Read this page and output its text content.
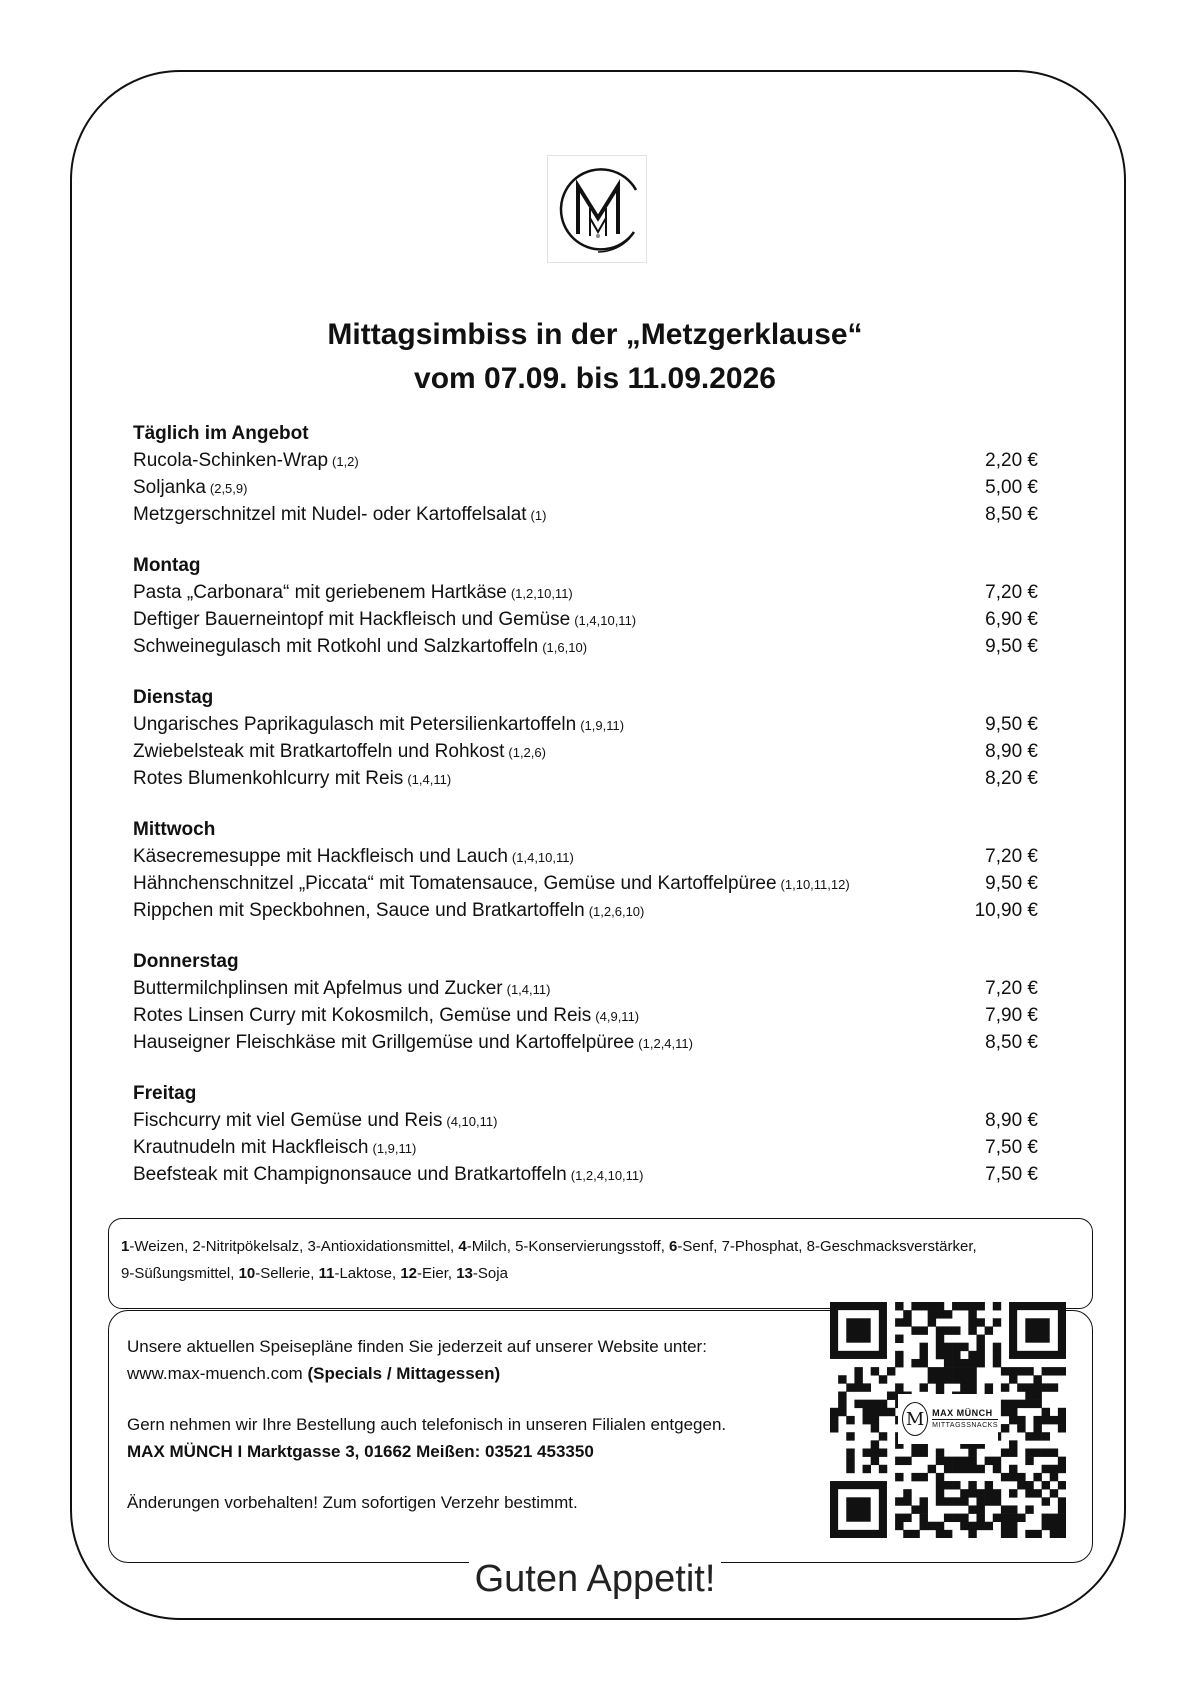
Mittagsimbiss in der „Metzgerklause“
vom 07.09. bis 11.09.2026
Täglich im Angebot
Rucola-Schinken-Wrap (1,2)	2,20 €
Soljanka (2,5,9)	5,00 €
Metzgerschnitzel mit Nudel- oder Kartoffelsalat (1)	8,50 €
Montag
Pasta „Carbonara“ mit geriebenem Hartkäse (1,2,10,11)	7,20 €
Deftiger Bauerneintopf mit Hackfleisch und Gemüse (1,4,10,11)	6,90 €
Schweinegulasch mit Rotkohl und Salzkartoffeln (1,6,10)	9,50 €
Dienstag
Ungarisches Paprikagulasch mit Petersilienkartoffeln (1,9,11)	9,50 €
Zwiebelsteak mit Bratkartoffeln und Rohkost (1,2,6)	8,90 €
Rotes Blumenkohlcurry mit Reis (1,4,11)	8,20 €
Mittwoch
Käsecremesuppe mit Hackfleisch und Lauch (1,4,10,11)	7,20 €
Hähnchenschnitzel „Piccata“ mit Tomatensauce, Gemüse und Kartoffelpüree (1,10,11,12)	9,50 €
Rippchen mit Speckbohnen, Sauce und Bratkartoffeln (1,2,6,10)	10,90 €
Donnerstag
Buttermilchplinsen mit Apfelmus und Zucker (1,4,11)	7,20 €
Rotes Linsen Curry mit Kokosmilch, Gemüse und Reis (4,9,11)	7,90 €
Hauseigner Fleischkäse mit Grillgemüse und Kartoffelpüree (1,2,4,11)	8,50 €
Freitag
Fischcurry mit viel Gemüse und Reis (4,10,11)	8,90 €
Krautnudeln mit Hackfleisch (1,9,11)	7,50 €
Beefsteak mit Champignonsauce und Bratkartoffeln (1,2,4,10,11)	7,50 €
1-Weizen, 2-Nitritpökelsalz, 3-Antioxidationsmittel, 4-Milch, 5-Konservierungsstoff, 6-Senf, 7-Phosphat, 8-Geschmacksverstärker,
9-Süßungsmittel, 10-Sellerie, 11-Laktose, 12-Eier, 13-Soja
Unsere aktuellen Speisepläne finden Sie jederzeit auf unserer Website unter:
www.max-muench.com (Specials / Mittagessen)
Gern nehmen wir Ihre Bestellung auch telefonisch in unseren Filialen entgegen.
MAX MÜNCH I Marktgasse 3, 01662 Meißen: 03521 453350
Änderungen vorbehalten! Zum sofortigen Verzehr bestimmt.
M MAX MÜNCH
MITTAGSSNACKS
Guten Appetit!
